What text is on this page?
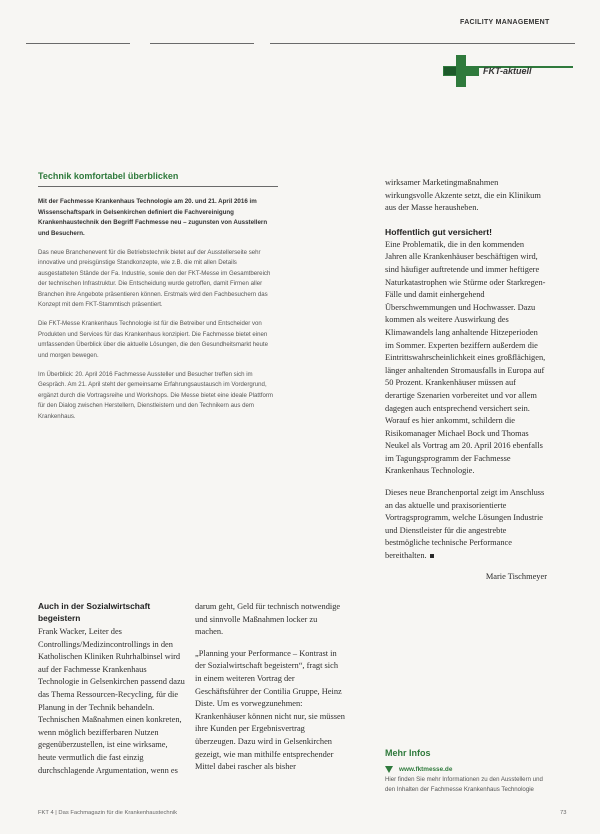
FACILITY MANAGEMENT
FKT-aktuell
Technik komfortabel überblicken

Mit der Fachmesse Krankenhaus Technologie am 20. und 21. April 2016 im Wissenschaftspark in Gelsenkirchen definiert die Fachvereinigung Krankenhaustechnik den Begriff Fachmesse neu – zugunsten von Ausstellern und Besuchern.

Das neue Branchenevent für die Betriebstechnik bietet auf der Ausstellerseite sehr innovative und preisgünstige Standkonzepte, wie z.B. die mit allen Details ausgestatteten Stände der Fa. Industrie, sowie den der FKT-Messe im Gesamtbereich der technischen Infrastruktur. Die Entscheidung wurde getroffen, damit Firmen aller Branchen ihre Angebote präsentieren können. Erstmals wird den Fachbesuchern das Konzept mit dem FKT-Stammtisch präsentiert.

Die FKT-Messe Krankenhaus Technologie ist für die Betreiber und Entscheider von Produkten und Services für das Krankenhaus konzipiert. Die Fachmesse bietet einen umfassenden Überblick über die aktuelle Lösungen, die den Gesundheitsmarkt heute und morgen bewegen.

Im Überblick: 20. April 2016 Fachmesse Aussteller und Besucher treffen sich im Gespräch. Am 21. April steht der gemeinsame Erfahrungsaustausch im Vordergrund, ergänzt durch die Vortragsreihe und Workshops. Die Messe bietet eine ideale Plattform für den Dialog zwischen Herstellern, Dienstleistern und den Technikern aus dem Krankenhaus.

Auch in der Sozialwirtschaft begeistern

Frank Wacker, Leiter des Controllings/Medizincontrollings in den Katholischen Kliniken Ruhrhalbinsel wird auf der Fachmesse Krankenhaus Technologie in Gelsenkirchen passend dazu das Thema Ressourcen-Recycling, für die Planung in der Technik behandeln. Technischen Maßnahmen einen konkreten, wenn möglich bezifferbaren Nutzen gegenüberzustellen, ist eine wirksame, heute vermutlich die fast einzig durchschlagende Argumentation, wenn es

darum geht, Geld für technisch notwendige und sinnvolle Maßnahmen locker zu machen.

„Planning your Performance – Kontrast in der Sozialwirtschaft begeistern“, fragt sich in einem weiteren Vortrag der Geschäftsführer der Contilia Gruppe, Heinz Diste. Um es vorwegzunehmen: Krankenhäuser können nicht nur, sie müssen ihre Kunden per Ergebnisvertrag überzeugen. Dazu wird in Gelsenkirchen gezeigt, wie man mithilfe entsprechender Mittel dabei rascher als bisher

wirksamer Marketingmaßnahmen wirkungsvolle Akzente setzt, die ein Klinikum aus der Masse herausheben.

Hoffentlich gut versichert!

Eine Problematik, die in den kommenden Jahren alle Krankenhäuser beschäftigen wird, sind häufiger auftretende und immer heftigere Naturkatastrophen wie Stürme oder Starkregen-Fälle und damit einhergehend Überschwemmungen und Hochwasser. Dazu kommen als weitere Auswirkung des Klimawandels lang anhaltende Hitzeperioden im Sommer. Experten beziffern außerdem die Eintrittswahrscheinlichkeit eines großflächigen, länger anhaltenden Stromausfalls in Europa auf 50 Prozent. Krankenhäuser müssen auf derartige Szenarien vorbereitet und vor allem dagegen auch entsprechend versichert sein. Worauf es hier ankommt, schildern die Risikomanager Michael Bock und Thomas Neukel als Vortrag am 20. April 2016 ebenfalls im Tagungsprogramm der Fachmesse Krankenhaus Technologie.

Dieses neue Branchenportal zeigt im Anschluss an das aktuelle und praxisorientierte Vortragsprogramm, welche Lösungen Industrie und Dienstleister für die angestrebte bestmögliche technische Performance bereithalten.

Marie Tischmeyer
Mehr Infos
www.fktmesse.de
Hier finden Sie mehr Informationen zu den Ausstellern und den Inhalten der Fachmesse Krankenhaus Technologie
FKT 4 | Das Fachmagazin für die Krankenhaustechnik	73
